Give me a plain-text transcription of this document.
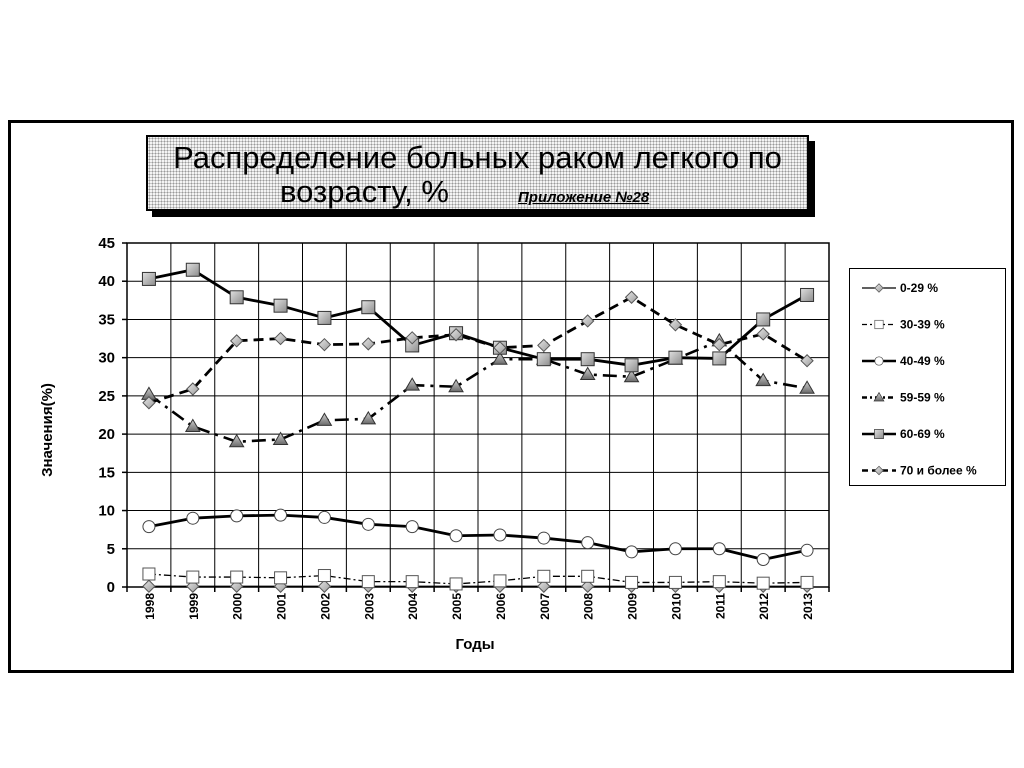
Распределение больных раком легкого по
возрасту, %	Приложение №28
0
5
10
15
20
25
30
35
40
45
1998 1999 2000 2001 2002 2003 2004 2005 2006 2007 2008 2009 2010 2011 2012 2013
0-29 %
30-39 %
40-49 %
59-59 %
60-69 %
70 и более %
Годы
Значения(%)
